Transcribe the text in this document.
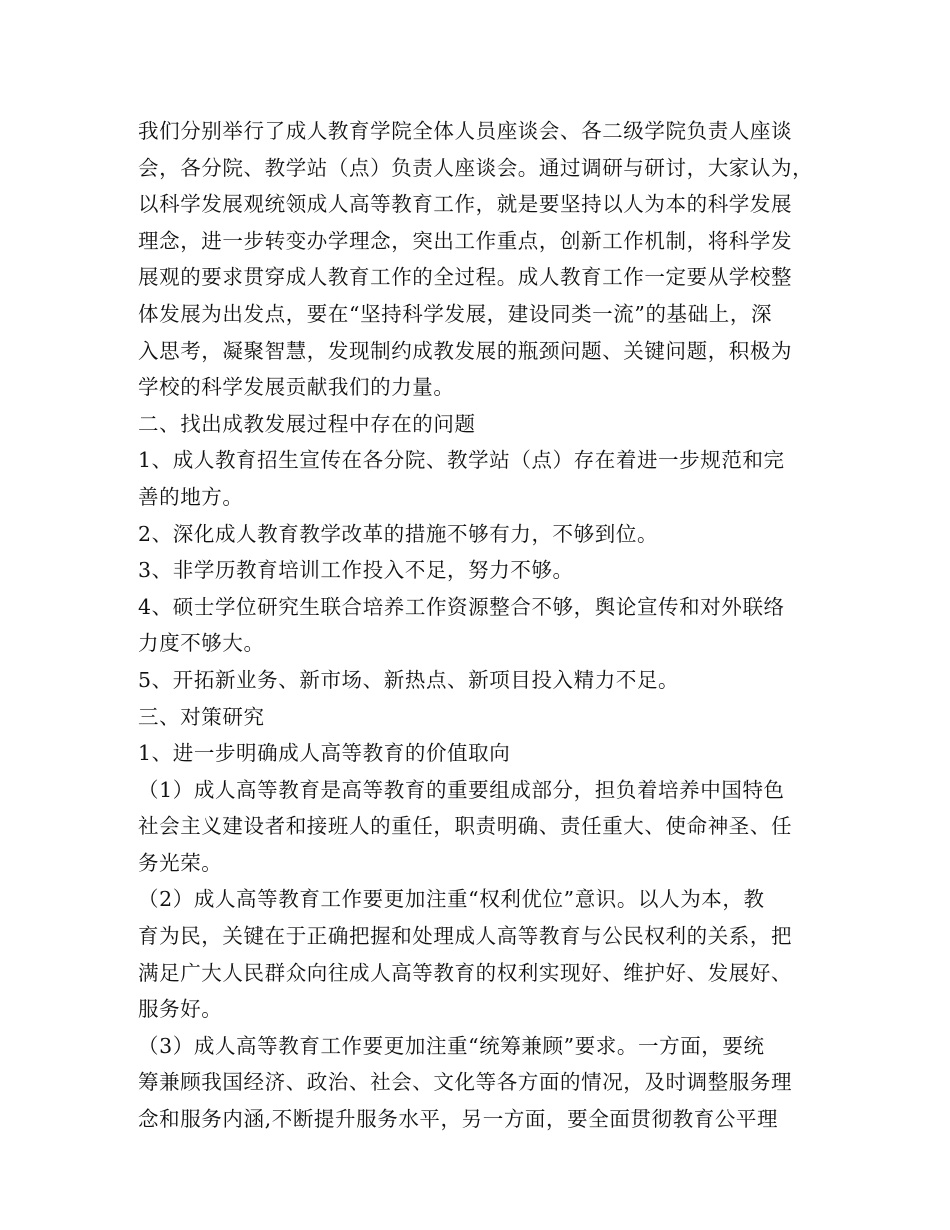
我们分别举行了成人教育学院全体人员座谈会、各二级学院负责人座谈
会，各分院、教学站（点）负责人座谈会。通过调研与研讨，大家认为，
以科学发展观统领成人高等教育工作，就是要坚持以人为本的科学发展
理念，进一步转变办学理念，突出工作重点，创新工作机制，将科学发
展观的要求贯穿成人教育工作的全过程。成人教育工作一定要从学校整
体发展为出发点，要在“坚持科学发展，建设同类一流”的基础上，深
入思考，凝聚智慧，发现制约成教发展的瓶颈问题、关键问题，积极为
学校的科学发展贡献我们的力量。
二、找出成教发展过程中存在的问题
1、成人教育招生宣传在各分院、教学站（点）存在着进一步规范和完
善的地方。
2、深化成人教育教学改革的措施不够有力，不够到位。
3、非学历教育培训工作投入不足，努力不够。
4、硕士学位研究生联合培养工作资源整合不够，舆论宣传和对外联络
力度不够大。
5、开拓新业务、新市场、新热点、新项目投入精力不足。
三、对策研究
1、进一步明确成人高等教育的价值取向
（1）成人高等教育是高等教育的重要组成部分，担负着培养中国特色
社会主义建设者和接班人的重任，职责明确、责任重大、使命神圣、任
务光荣。
（2）成人高等教育工作要更加注重“权利优位”意识。以人为本，教
育为民，关键在于正确把握和处理成人高等教育与公民权利的关系，把
满足广大人民群众向往成人高等教育的权利实现好、维护好、发展好、
服务好。
（3）成人高等教育工作要更加注重“统筹兼顾”要求。一方面，要统
筹兼顾我国经济、政治、社会、文化等各方面的情况，及时调整服务理
念和服务内涵,不断提升服务水平，另一方面，要全面贯彻教育公平理
